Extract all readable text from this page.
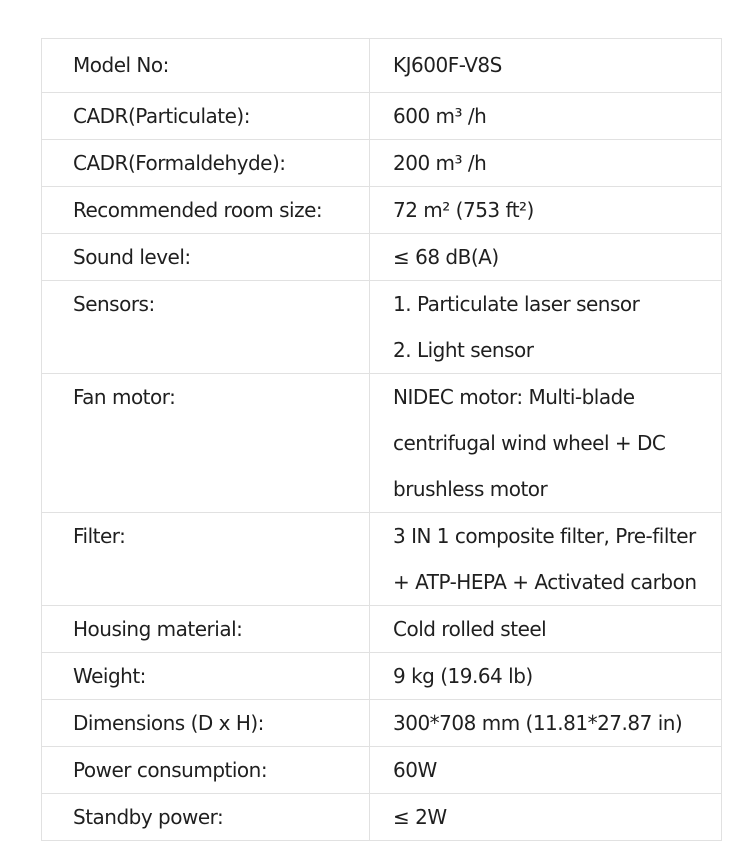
Model No:	KJ600F-V8S

CADR(Particulate):	600 m³ /h

CADR(Formaldehyde):	200 m³ /h

Recommended room size:	72 m² (753 ft²)

Sound level:	≤ 68 dB(A)

Sensors:	1. Particulate laser sensor
2. Light sensor

Fan motor:	NIDEC motor: Multi-blade
centrifugal wind wheel + DC
brushless motor

Filter:	3 IN 1 composite filter, Pre-filter
+ ATP-HEPA + Activated carbon

Housing material:	Cold rolled steel

Weight:	9 kg (19.64 lb)

Dimensions (D x H):	300*708 mm (11.81*27.87 in)

Power consumption:	60W

Standby power:	≤ 2W
